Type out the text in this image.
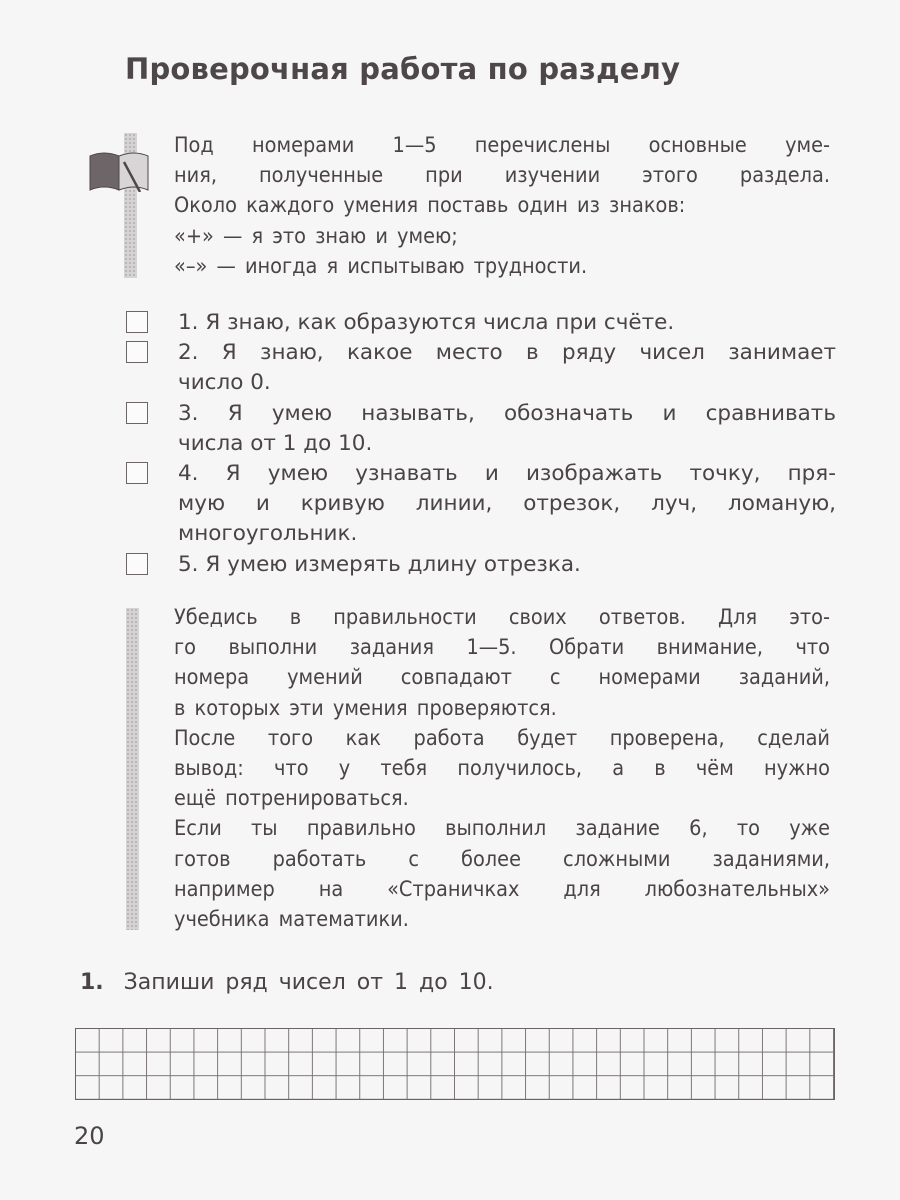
Проверочная работа по разделу
Под номерами 1—5 перечислены основные уме-
ния, полученные при изучении этого раздела.
Около каждого умения поставь один из знаков:
«+» — я это знаю и умею;
«–» — иногда я испытываю трудности.
1. Я знаю, как образуются числа при счёте.
2. Я знаю, какое место в ряду чисел занимает
число 0.
3. Я умею называть, обозначать и сравнивать
числа от 1 до 10.
4. Я умею узнавать и изображать точку, пря-
мую и кривую линии, отрезок, луч, ломаную,
многоугольник.
5. Я умею измерять длину отрезка.
Убедись в правильности своих ответов. Для это-
го выполни задания 1—5. Обрати внимание, что
номера умений совпадают с номерами заданий,
в которых эти умения проверяются.
После того как работа будет проверена, сделай
вывод: что у тебя получилось, а в чём нужно
ещё потренироваться.
Если ты правильно выполнил задание 6, то уже
готов работать с более сложными заданиями,
например на «Страничках для любознательных»
учебника математики.
1. Запиши ряд чисел от 1 до 10.
20
